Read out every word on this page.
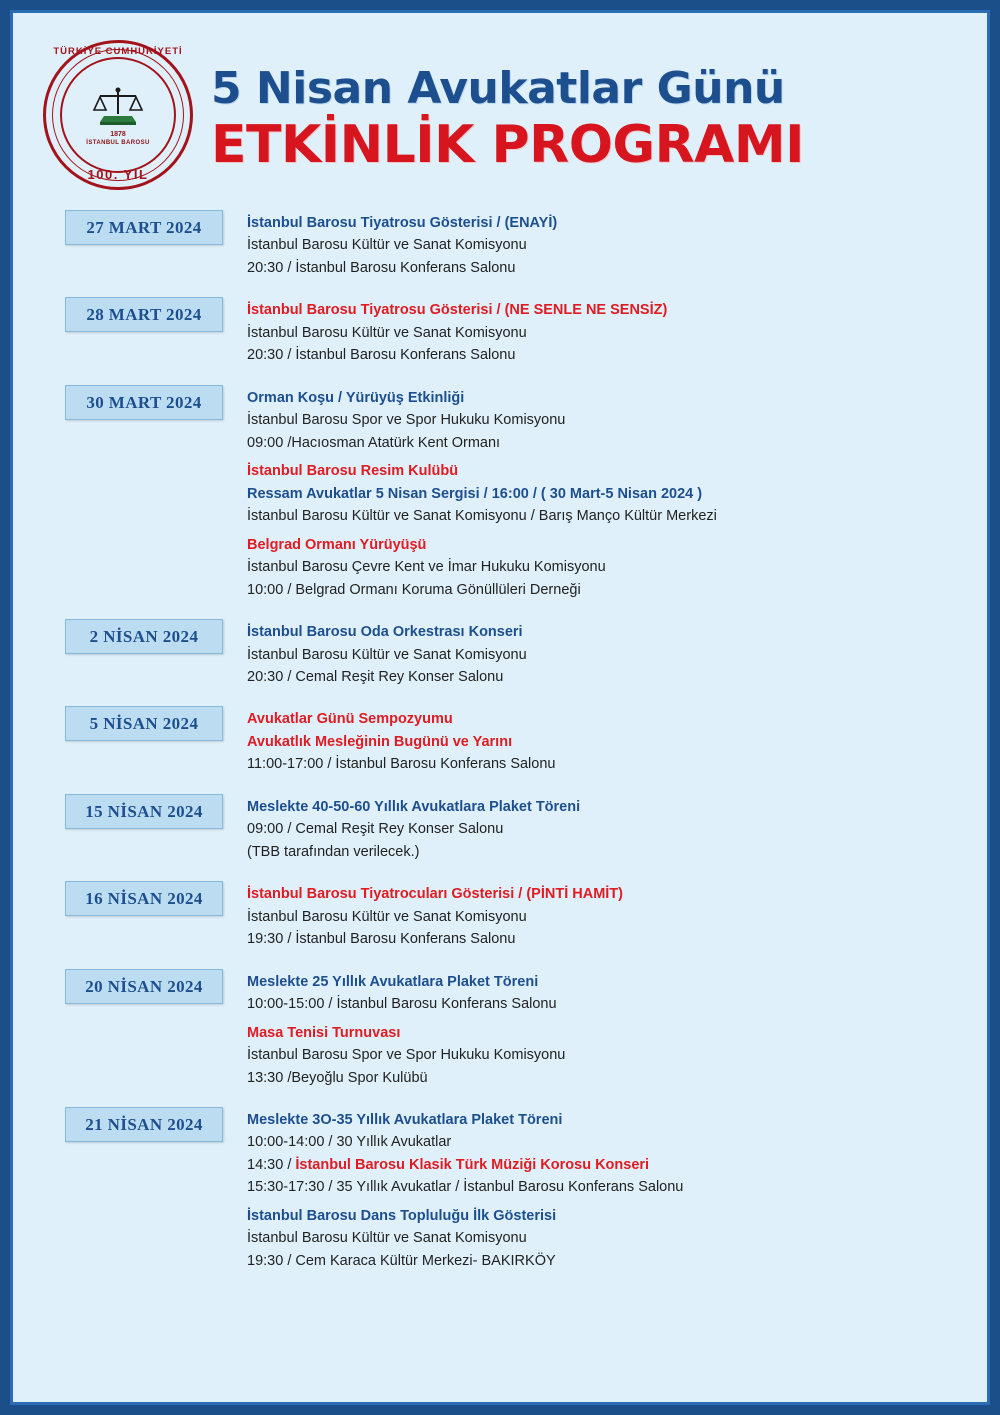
TÜRKİYE CUMHURİYETİ
100. YIL
1878
İSTANBUL BAROSU
5 Nisan Avukatlar Günü
ETKİNLİK PROGRAMI
27 MART 2024	İstanbul Barosu Tiyatrosu Gösterisi / (ENAYİ)
İstanbul Barosu Kültür ve Sanat Komisyonu
20:30 / İstanbul Barosu Konferans Salonu
28 MART 2024	İstanbul Barosu Tiyatrosu Gösterisi / (NE SENLE NE SENSİZ)
İstanbul Barosu Kültür ve Sanat Komisyonu
20:30 / İstanbul Barosu Konferans Salonu
30 MART 2024	Orman Koşu / Yürüyüş Etkinliği
İstanbul Barosu Spor ve Spor Hukuku Komisyonu
09:00 /Hacıosman Atatürk Kent Ormanı
İstanbul Barosu Resim Kulübü
Ressam Avukatlar 5 Nisan Sergisi / 16:00 / ( 30 Mart-5 Nisan 2024 )
İstanbul Barosu Kültür ve Sanat Komisyonu / Barış Manço Kültür Merkezi
Belgrad Ormanı Yürüyüşü
İstanbul Barosu Çevre Kent ve İmar Hukuku Komisyonu
10:00 / Belgrad Ormanı Koruma Gönüllüleri Derneği
2 NİSAN 2024	İstanbul Barosu Oda Orkestrası Konseri
İstanbul Barosu Kültür ve Sanat Komisyonu
20:30 / Cemal Reşit Rey Konser Salonu
5 NİSAN 2024	Avukatlar Günü Sempozyumu
Avukatlık Mesleğinin Bugünü ve Yarını
11:00-17:00 / İstanbul Barosu Konferans Salonu
15 NİSAN 2024	Meslekte 40-50-60 Yıllık Avukatlara Plaket Töreni
09:00 / Cemal Reşit Rey Konser Salonu
(TBB tarafından verilecek.)
16 NİSAN 2024	İstanbul Barosu Tiyatrocuları Gösterisi / (PİNTİ HAMİT)
İstanbul Barosu Kültür ve Sanat Komisyonu
19:30 / İstanbul Barosu Konferans Salonu
20 NİSAN 2024	Meslekte 25 Yıllık Avukatlara Plaket Töreni
10:00-15:00 / İstanbul Barosu Konferans Salonu
Masa Tenisi Turnuvası
İstanbul Barosu Spor ve Spor Hukuku Komisyonu
13:30 /Beyoğlu Spor Kulübü
21 NİSAN 2024	Meslekte 3O-35 Yıllık Avukatlara Plaket Töreni
10:00-14:00 / 30 Yıllık Avukatlar
14:30 / İstanbul Barosu Klasik Türk Müziği Korosu Konseri
15:30-17:30 / 35 Yıllık Avukatlar / İstanbul Barosu Konferans Salonu
İstanbul Barosu Dans Topluluğu İlk Gösterisi
İstanbul Barosu Kültür ve Sanat Komisyonu
19:30 / Cem Karaca Kültür Merkezi- BAKIRKÖY
